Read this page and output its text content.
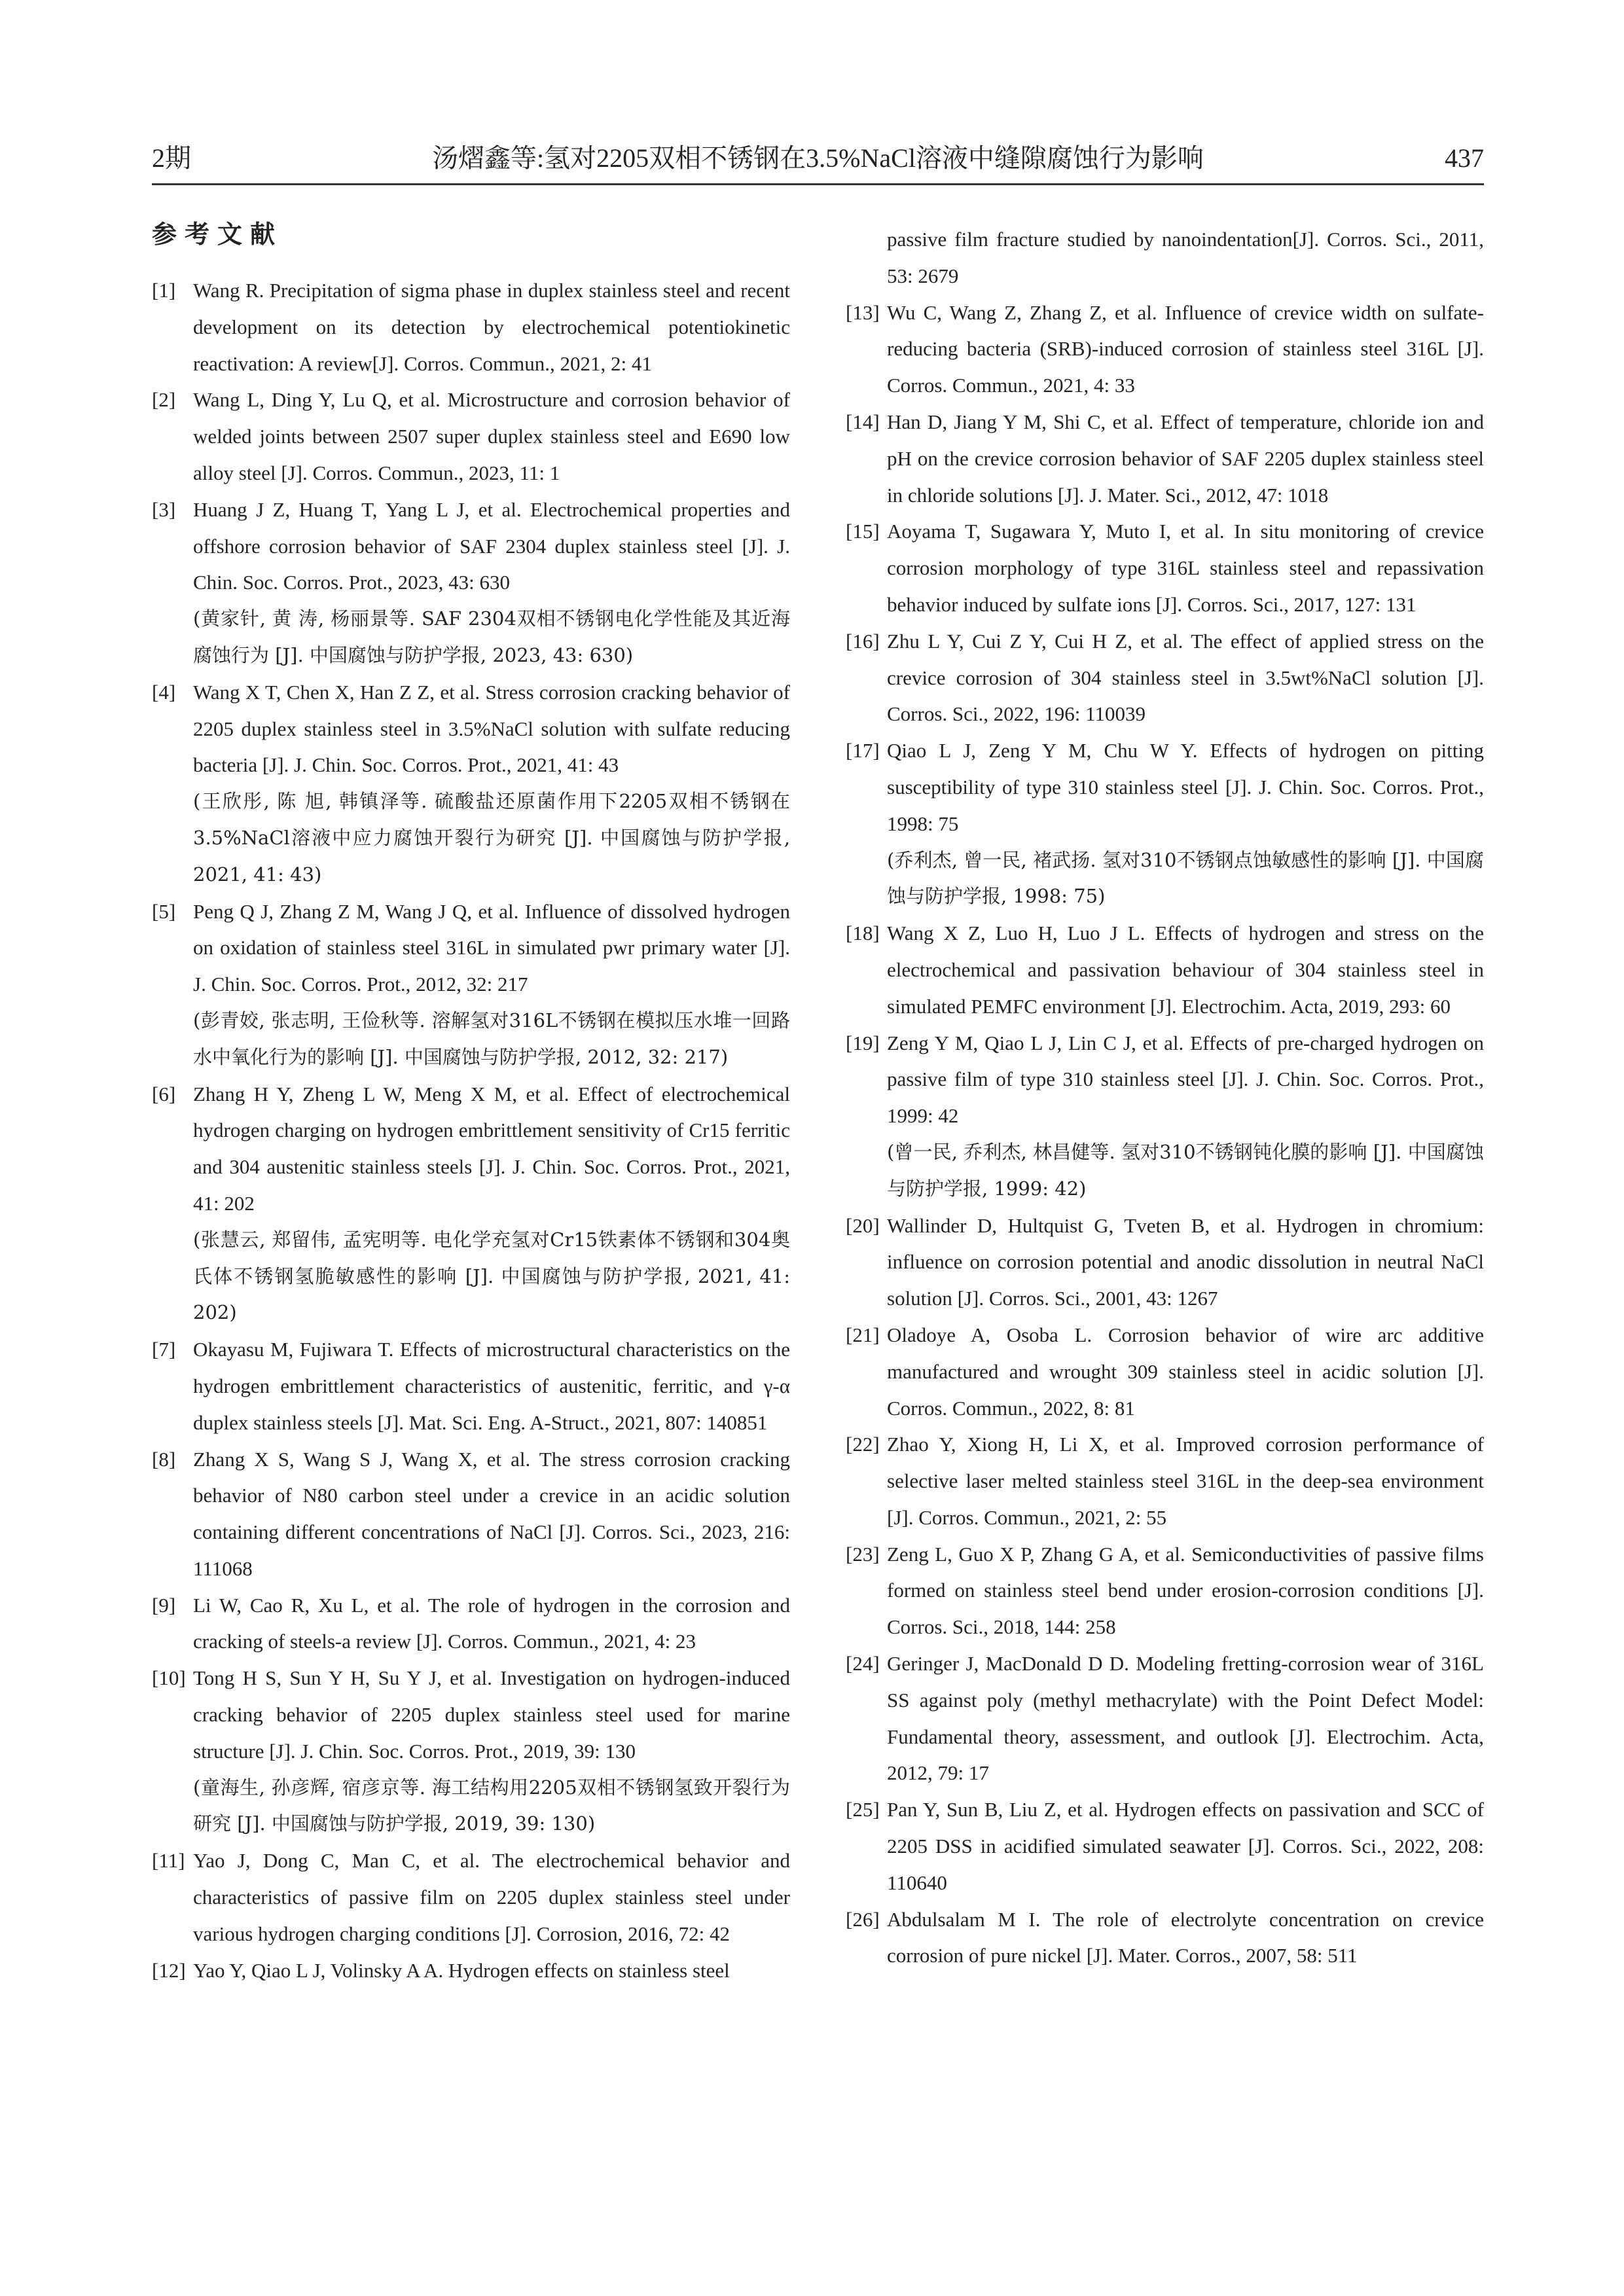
2期	汤熠鑫等:氢对2205双相不锈钢在3.5%NaCl溶液中缝隙腐蚀行为影响	437
参考文献
[1] Wang R. Precipitation of sigma phase in duplex stainless steel and recent development on its detection by electrochemical potentiokinetic reactivation: A review[J]. Corros. Commun., 2021, 2: 41
[2] Wang L, Ding Y, Lu Q, et al. Microstructure and corrosion behavior of welded joints between 2507 super duplex stainless steel and E690 low alloy steel [J]. Corros. Commun., 2023, 11: 1
[3] Huang J Z, Huang T, Yang L J, et al. Electrochemical properties and offshore corrosion behavior of SAF 2304 duplex stainless steel [J]. J. Chin. Soc. Corros. Prot., 2023, 43: 630
(黄家针, 黄 涛, 杨丽景等. SAF 2304双相不锈钢电化学性能及其近海腐蚀行为 [J]. 中国腐蚀与防护学报, 2023, 43: 630)
[4] Wang X T, Chen X, Han Z Z, et al. Stress corrosion cracking behavior of 2205 duplex stainless steel in 3.5%NaCl solution with sulfate reducing bacteria [J]. J. Chin. Soc. Corros. Prot., 2021, 41: 43
(王欣彤, 陈 旭, 韩镇泽等. 硫酸盐还原菌作用下2205双相不锈钢在3.5%NaCl溶液中应力腐蚀开裂行为研究 [J]. 中国腐蚀与防护学报, 2021, 41: 43)
[5] Peng Q J, Zhang Z M, Wang J Q, et al. Influence of dissolved hydrogen on oxidation of stainless steel 316L in simulated pwr primary water [J]. J. Chin. Soc. Corros. Prot., 2012, 32: 217
(彭青姣, 张志明, 王俭秋等. 溶解氢对316L不锈钢在模拟压水堆一回路水中氧化行为的影响 [J]. 中国腐蚀与防护学报, 2012, 32: 217)
[6] Zhang H Y, Zheng L W, Meng X M, et al. Effect of electrochemical hydrogen charging on hydrogen embrittlement sensitivity of Cr15 ferritic and 304 austenitic stainless steels [J]. J. Chin. Soc. Corros. Prot., 2021, 41: 202
(张慧云, 郑留伟, 孟宪明等. 电化学充氢对Cr15铁素体不锈钢和304奥氏体不锈钢氢脆敏感性的影响 [J]. 中国腐蚀与防护学报, 2021, 41: 202)
[7] Okayasu M, Fujiwara T. Effects of microstructural characteristics on the hydrogen embrittlement characteristics of austenitic, ferritic, and γ-α duplex stainless steels [J]. Mat. Sci. Eng. A-Struct., 2021, 807: 140851
[8] Zhang X S, Wang S J, Wang X, et al. The stress corrosion cracking behavior of N80 carbon steel under a crevice in an acidic solution containing different concentrations of NaCl [J]. Corros. Sci., 2023, 216: 111068
[9] Li W, Cao R, Xu L, et al. The role of hydrogen in the corrosion and cracking of steels-a review [J]. Corros. Commun., 2021, 4: 23
[10] Tong H S, Sun Y H, Su Y J, et al. Investigation on hydrogen-induced cracking behavior of 2205 duplex stainless steel used for marine structure [J]. J. Chin. Soc. Corros. Prot., 2019, 39: 130
(童海生, 孙彦辉, 宿彦京等. 海工结构用2205双相不锈钢氢致开裂行为研究 [J]. 中国腐蚀与防护学报, 2019, 39: 130)
[11] Yao J, Dong C, Man C, et al. The electrochemical behavior and characteristics of passive film on 2205 duplex stainless steel under various hydrogen charging conditions [J]. Corrosion, 2016, 72: 42
[12] Yao Y, Qiao L J, Volinsky A A. Hydrogen effects on stainless steel
passive film fracture studied by nanoindentation[J]. Corros. Sci., 2011, 53: 2679
[13] Wu C, Wang Z, Zhang Z, et al. Influence of crevice width on sulfate-reducing bacteria (SRB)-induced corrosion of stainless steel 316L [J]. Corros. Commun., 2021, 4: 33
[14] Han D, Jiang Y M, Shi C, et al. Effect of temperature, chloride ion and pH on the crevice corrosion behavior of SAF 2205 duplex stainless steel in chloride solutions [J]. J. Mater. Sci., 2012, 47: 1018
[15] Aoyama T, Sugawara Y, Muto I, et al. In situ monitoring of crevice corrosion morphology of type 316L stainless steel and repassivation behavior induced by sulfate ions [J]. Corros. Sci., 2017, 127: 131
[16] Zhu L Y, Cui Z Y, Cui H Z, et al. The effect of applied stress on the crevice corrosion of 304 stainless steel in 3.5wt%NaCl solution [J]. Corros. Sci., 2022, 196: 110039
[17] Qiao L J, Zeng Y M, Chu W Y. Effects of hydrogen on pitting susceptibility of type 310 stainless steel [J]. J. Chin. Soc. Corros. Prot., 1998: 75
(乔利杰, 曾一民, 褚武扬. 氢对310不锈钢点蚀敏感性的影响 [J]. 中国腐蚀与防护学报, 1998: 75)
[18] Wang X Z, Luo H, Luo J L. Effects of hydrogen and stress on the electrochemical and passivation behaviour of 304 stainless steel in simulated PEMFC environment [J]. Electrochim. Acta, 2019, 293: 60
[19] Zeng Y M, Qiao L J, Lin C J, et al. Effects of pre-charged hydrogen on passive film of type 310 stainless steel [J]. J. Chin. Soc. Corros. Prot., 1999: 42
(曾一民, 乔利杰, 林昌健等. 氢对310不锈钢钝化膜的影响 [J]. 中国腐蚀与防护学报, 1999: 42)
[20] Wallinder D, Hultquist G, Tveten B, et al. Hydrogen in chromium: influence on corrosion potential and anodic dissolution in neutral NaCl solution [J]. Corros. Sci., 2001, 43: 1267
[21] Oladoye A, Osoba L. Corrosion behavior of wire arc additive manufactured and wrought 309 stainless steel in acidic solution [J]. Corros. Commun., 2022, 8: 81
[22] Zhao Y, Xiong H, Li X, et al. Improved corrosion performance of selective laser melted stainless steel 316L in the deep-sea environment [J]. Corros. Commun., 2021, 2: 55
[23] Zeng L, Guo X P, Zhang G A, et al. Semiconductivities of passive films formed on stainless steel bend under erosion-corrosion conditions [J]. Corros. Sci., 2018, 144: 258
[24] Geringer J, MacDonald D D. Modeling fretting-corrosion wear of 316L SS against poly (methyl methacrylate) with the Point Defect Model: Fundamental theory, assessment, and outlook [J]. Electrochim. Acta, 2012, 79: 17
[25] Pan Y, Sun B, Liu Z, et al. Hydrogen effects on passivation and SCC of 2205 DSS in acidified simulated seawater [J]. Corros. Sci., 2022, 208: 110640
[26] Abdulsalam M I. The role of electrolyte concentration on crevice corrosion of pure nickel [J]. Mater. Corros., 2007, 58: 511
